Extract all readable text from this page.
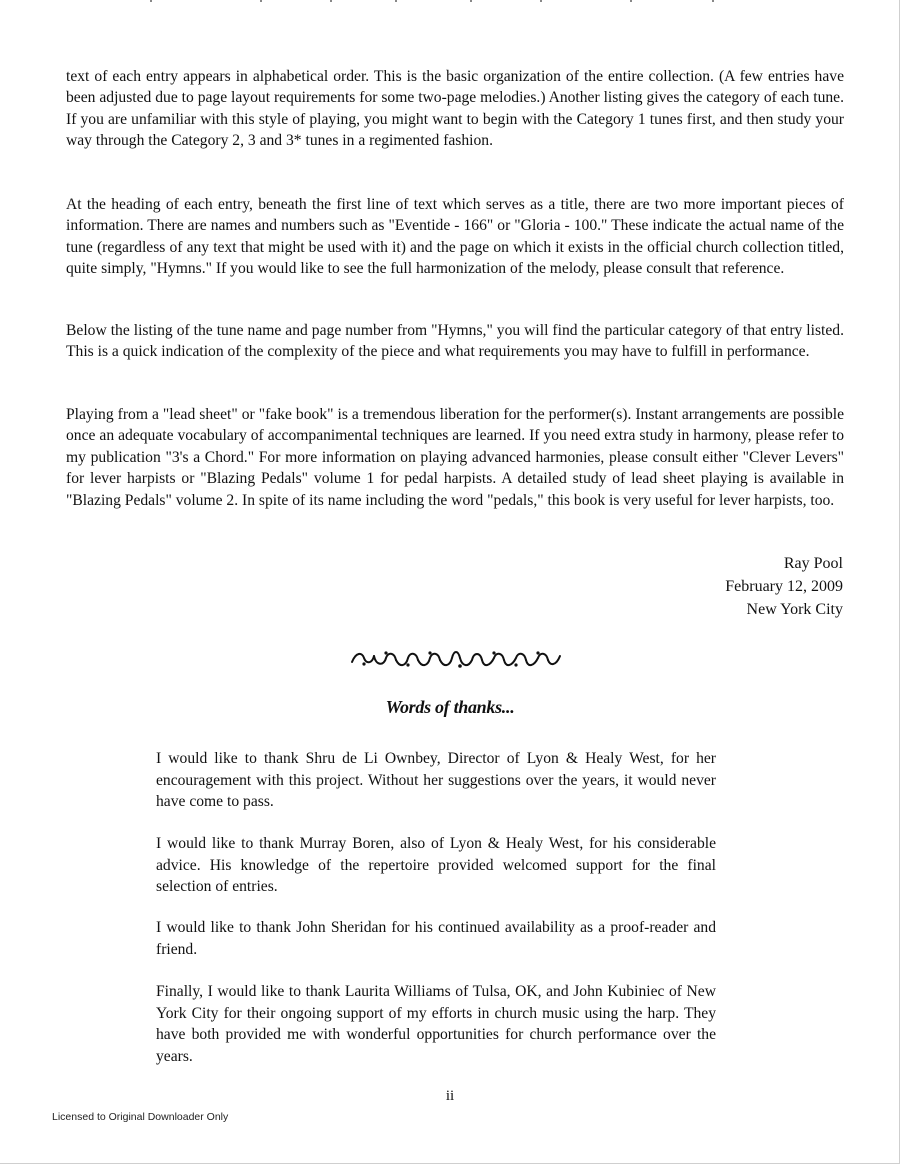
text of each entry appears in alphabetical order. This is the basic organization of the entire collection. (A few entries have been adjusted due to page layout requirements for some two-page melodies.) Another listing gives the category of each tune. If you are unfamiliar with this style of playing, you might want to begin with the Category 1 tunes first, and then study your way through the Category 2, 3 and 3* tunes in a regimented fashion.

At the heading of each entry, beneath the first line of text which serves as a title, there are two more important pieces of information. There are names and numbers such as "Eventide - 166" or "Gloria - 100." These indicate the actual name of the tune (regardless of any text that might be used with it) and the page on which it exists in the official church collection titled, quite simply, "Hymns." If you would like to see the full harmonization of the melody, please consult that reference.

Below the listing of the tune name and page number from "Hymns," you will find the particular category of that entry listed. This is a quick indication of the complexity of the piece and what requirements you may have to fulfill in performance.

Playing from a "lead sheet" or "fake book" is a tremendous liberation for the performer(s). Instant arrangements are possible once an adequate vocabulary of accompanimental techniques are learned. If you need extra study in harmony, please refer to my publication "3's a Chord." For more information on playing advanced harmonies, please consult either "Clever Levers" for lever harpists or "Blazing Pedals" volume 1 for pedal harpists. A detailed study of lead sheet playing is available in "Blazing Pedals" volume 2. In spite of its name including the word "pedals," this book is very useful for lever harpists, too.

Ray Pool
February 12, 2009
New York City
Words of thanks...

I would like to thank Shru de Li Ownbey, Director of Lyon & Healy West, for her encouragement with this project. Without her suggestions over the years, it would never have come to pass.

I would like to thank Murray Boren, also of Lyon & Healy West, for his considerable advice. His knowledge of the repertoire provided welcomed support for the final selection of entries.

I would like to thank John Sheridan for his continued availability as a proof-reader and friend.

Finally, I would like to thank Laurita Williams of Tulsa, OK, and John Kubiniec of New York City for their ongoing support of my efforts in church music using the harp. They have both provided me with wonderful opportunities for church performance over the years.

ii
Licensed to Original Downloader Only
